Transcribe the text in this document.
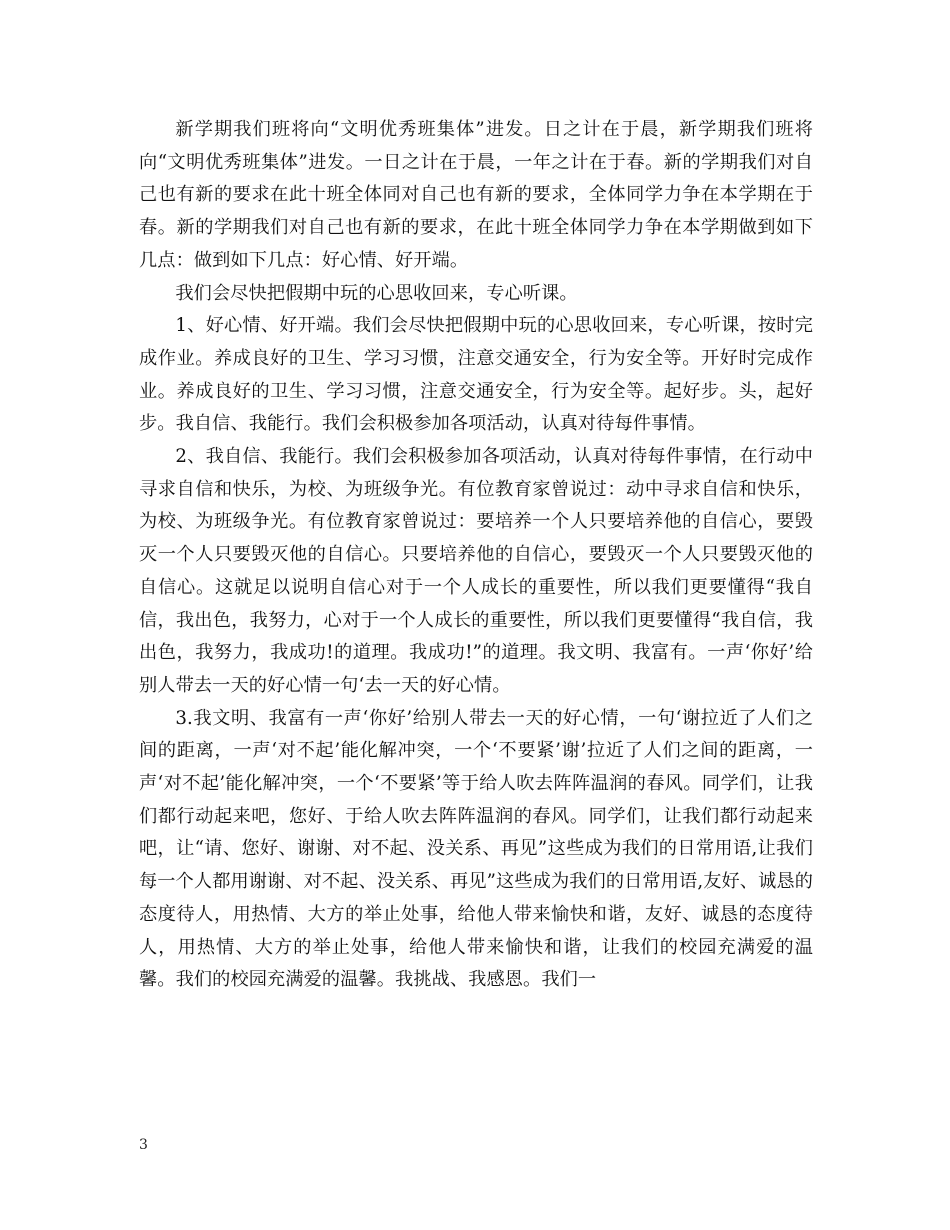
新学期我们班将向“文明优秀班集体”进发。日之计在于晨，新学期我们班将向“文明优秀班集体”进发。一日之计在于晨，一年之计在于春。新的学期我们对自己也有新的要求在此十班全体同对自己也有新的要求，全体同学力争在本学期在于春。新的学期我们对自己也有新的要求，在此十班全体同学力争在本学期做到如下几点：做到如下几点：好心情、好开端。

我们会尽快把假期中玩的心思收回来，专心听课。

1、好心情、好开端。我们会尽快把假期中玩的心思收回来，专心听课，按时完成作业。养成良好的卫生、学习习惯，注意交通安全，行为安全等。开好时完成作业。养成良好的卫生、学习习惯，注意交通安全，行为安全等。起好步。头，起好步。我自信、我能行。我们会积极参加各项活动，认真对待每件事情。

2、我自信、我能行。我们会积极参加各项活动，认真对待每件事情，在行动中寻求自信和快乐，为校、为班级争光。有位教育家曾说过：动中寻求自信和快乐，为校、为班级争光。有位教育家曾说过：要培养一个人只要培养他的自信心，要毁灭一个人只要毁灭他的自信心。只要培养他的自信心，要毁灭一个人只要毁灭他的自信心。这就足以说明自信心对于一个人成长的重要性，所以我们更要懂得“我自信，我出色，我努力，心对于一个人成长的重要性，所以我们更要懂得“我自信，我出色，我努力，我成功!的道理。我成功!”的道理。我文明、我富有。一声‘你好’给别人带去一天的好心情一句‘去一天的好心情。

3.我文明、我富有一声‘你好’给别人带去一天的好心情，一句‘谢拉近了人们之间的距离，一声‘对不起’能化解冲突，一个‘不要紧’谢’拉近了人们之间的距离，一声‘对不起’能化解冲突，一个‘不要紧’等于给人吹去阵阵温润的春风。同学们，让我们都行动起来吧，您好、于给人吹去阵阵温润的春风。同学们，让我们都行动起来吧，让“请、您好、谢谢、对不起、没关系、再见”这些成为我们的日常用语,让我们每一个人都用谢谢、对不起、没关系、再见”这些成为我们的日常用语,友好、诚恳的态度待人，用热情、大方的举止处事，给他人带来愉快和谐，友好、诚恳的态度待人，用热情、大方的举止处事，给他人带来愉快和谐，让我们的校园充满爱的温馨。我们的校园充满爱的温馨。我挑战、我感恩。我们一

3
